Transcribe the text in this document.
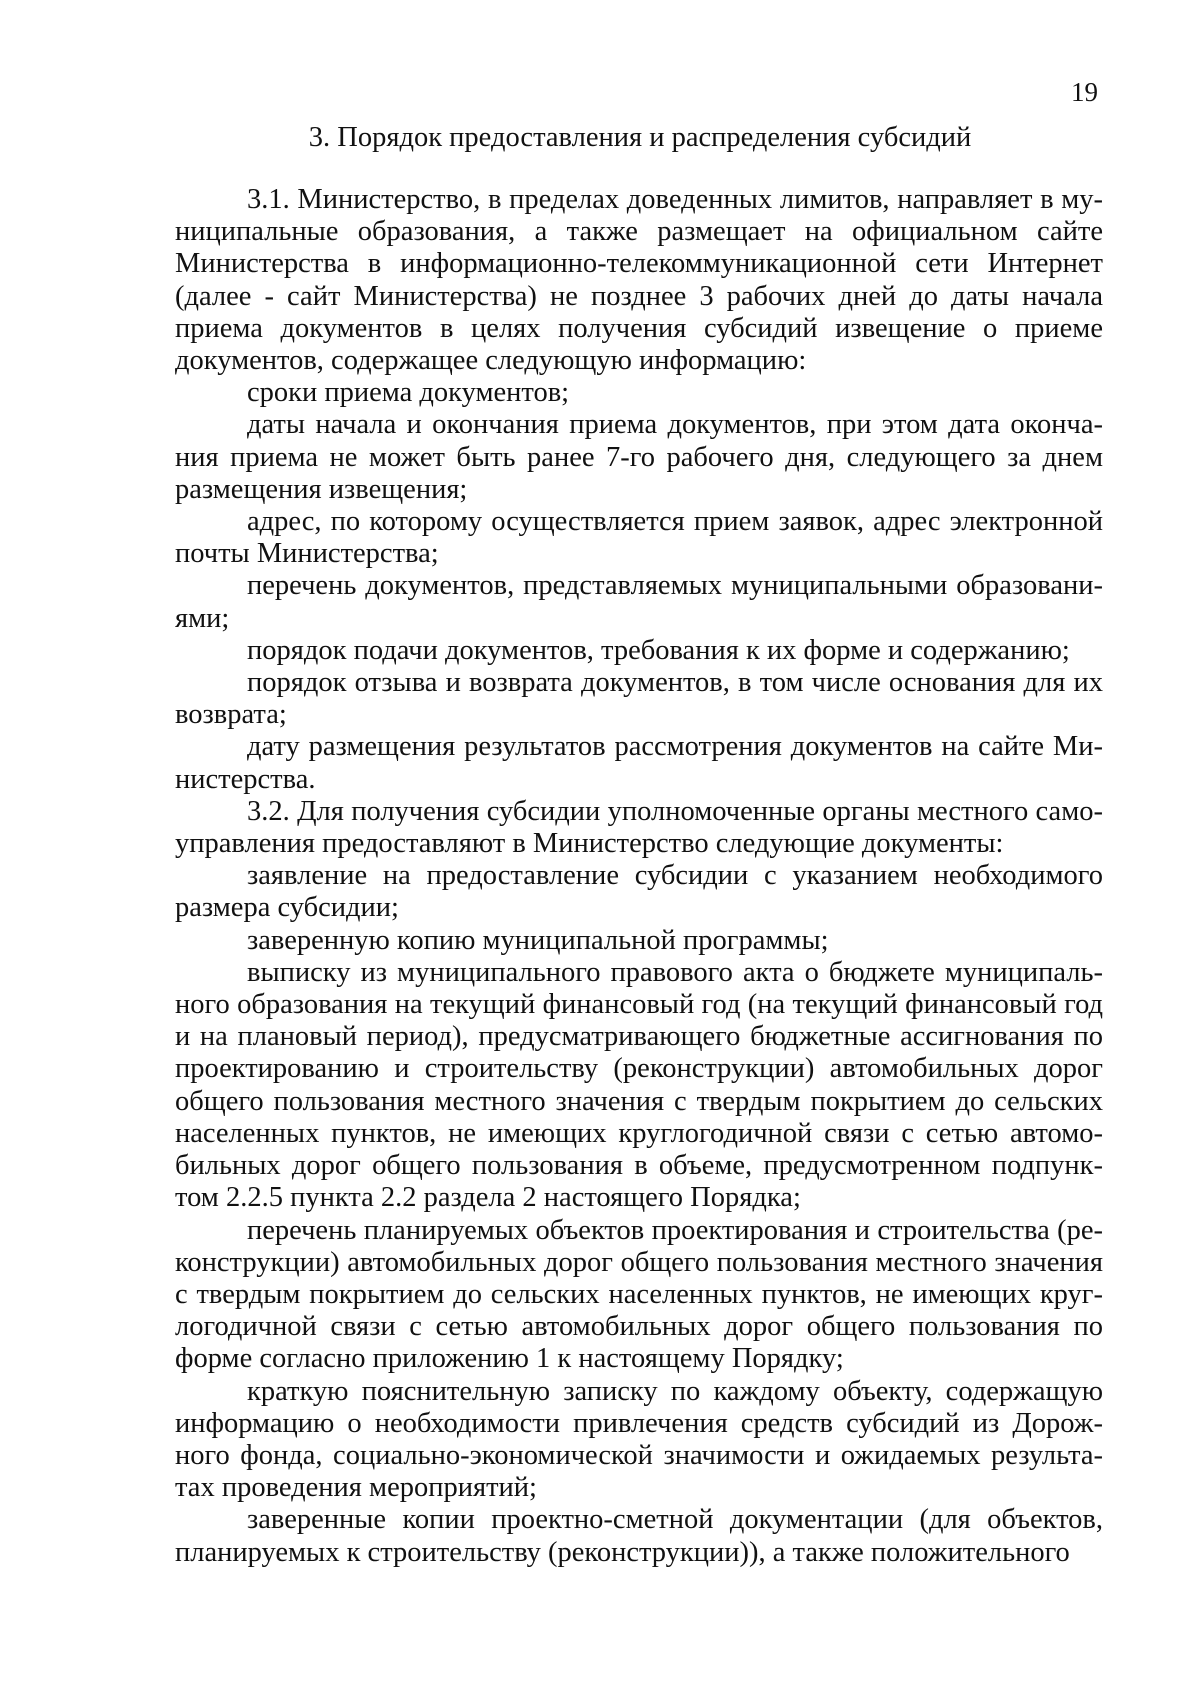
19
3. Порядок предоставления и распределения субсидий

3.1. Министерство, в пределах доведенных лимитов, направляет в муниципальные образования, а также размещает на официальном сайте Министерства в информационно-телекоммуникационной сети Интернет (далее - сайт Министерства) не позднее 3 рабочих дней до даты начала приема документов в целях получения субсидий извещение о приеме документов, содержащее следующую информацию:

сроки приема документов;

даты начала и окончания приема документов, при этом дата окончания приема не может быть ранее 7-го рабочего дня, следующего за днем размещения извещения;

адрес, по которому осуществляется прием заявок, адрес электронной почты Министерства;

перечень документов, представляемых муниципальными образованиями;

порядок подачи документов, требования к их форме и содержанию;

порядок отзыва и возврата документов, в том числе основания для их возврата;

дату размещения результатов рассмотрения документов на сайте Министерства.

3.2. Для получения субсидии уполномоченные органы местного самоуправления предоставляют в Министерство следующие документы:

заявление на предоставление субсидии с указанием необходимого размера субсидии;

заверенную копию муниципальной программы;

выписку из муниципального правового акта о бюджете муниципального образования на текущий финансовый год (на текущий финансовый год и на плановый период), предусматривающего бюджетные ассигнования по проектированию и строительству (реконструкции) автомобильных дорог общего пользования местного значения с твердым покрытием до сельских населенных пунктов, не имеющих круглогодичной связи с сетью автомобильных дорог общего пользования в объеме, предусмотренном подпунктом 2.2.5 пункта 2.2 раздела 2 настоящего Порядка;

перечень планируемых объектов проектирования и строительства (реконструкции) автомобильных дорог общего пользования местного значения с твердым покрытием до сельских населенных пунктов, не имеющих круглогодичной связи с сетью автомобильных дорог общего пользования по форме согласно приложению 1 к настоящему Порядку;

краткую пояснительную записку по каждому объекту, содержащую информацию о необходимости привлечения средств субсидий из Дорожного фонда, социально-экономической значимости и ожидаемых результатах проведения мероприятий;

заверенные копии проектно-сметной документации (для объектов, планируемых к строительству (реконструкции)), а также положительного
